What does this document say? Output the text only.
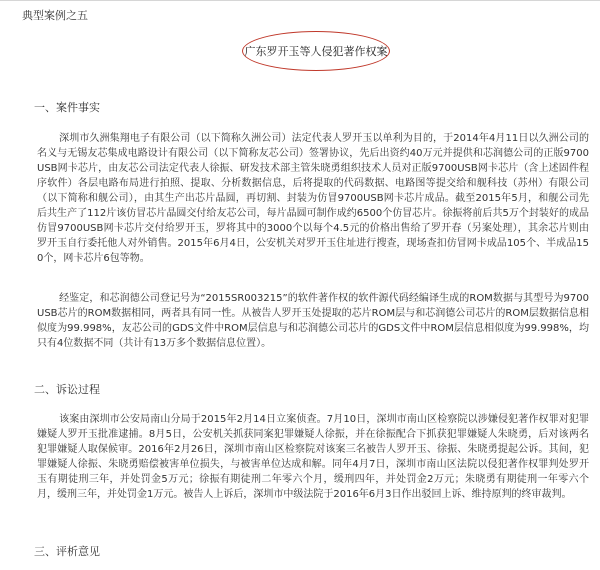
典型案例之五
广东罗开玉等人侵犯著作权案
一、案件事实
深圳市久洲集翔电子有限公司（以下简称久洲公司）法定代表人罗开玉以单利为目的，于2014年4月11日以久洲公司的名义与无锡友芯集成电路设计有限公司（以下简称友芯公司）签署协议，先后出资约40万元并提供和芯润德公司的正版9700USB网卡芯片，由友芯公司法定代表人徐振、研发技术部主管朱晓勇组织技术人员对正版9700USB网卡芯片（含上述固件程序软件）各层电路布局进行拍照、提取、分析数据信息，后将提取的代码数据、电路图等提交给和舰科技（苏州）有限公司（以下简称和舰公司），由其生产出芯片晶圆，再切割、封装为仿冒9700USB网卡芯片成品。截至2015年5月，和舰公司先后共生产了112片该仿冒芯片晶圆交付给友芯公司，每片晶圆可制作成约6500个仿冒芯片。徐振将前后共5万个封装好的成品仿冒9700USB网卡芯片交付给罗开玉，罗将其中的3000个以每个4.5元的价格出售给了罗开春（另案处理），其余芯片则由罗开玉自行委托他人对外销售。2015年6月4日，公安机关对罗开玉住址进行搜查，现场查扣仿冒网卡成品105个、半成品150个，网卡芯片6包等物。
经鉴定，和芯润德公司登记号为“2015SR003215”的软件著作权的软件源代码经编译生成的ROM数据与其型号为9700USB芯片的ROM数据相同，两者具有同一性。从被告人罗开玉处提取的芯片ROM层与和芯润德公司芯片的ROM层数据信息相似度为99.998%，友芯公司的GDS文件中ROM层信息与和芯润德公司芯片的GDS文件中ROM层信息相似度为99.998%，均只有4位数据不同（共计有13万多个数据信息位置）。
二、诉讼过程
该案由深圳市公安局南山分局于2015年2月14日立案侦查。7月10日，深圳市南山区检察院以涉嫌侵犯著作权罪对犯罪嫌疑人罗开玉批准逮捕。8月5日，公安机关抓获同案犯罪嫌疑人徐振，并在徐振配合下抓获犯罪嫌疑人朱晓勇，后对该两名犯罪嫌疑人取保候审。2016年2月26日，深圳市南山区检察院对该案三名被告人罗开玉、徐振、朱晓勇提起公诉。其间，犯罪嫌疑人徐振、朱晓勇赔偿被害单位损失，与被害单位达成和解。同年4月7日，深圳市南山区法院以侵犯著作权罪判处罗开玉有期徒刑三年，并处罚金5万元；徐振有期徒刑二年零六个月，缓刑四年，并处罚金2万元；朱晓勇有期徒刑一年零六个月，缓刑三年，并处罚金1万元。被告人上诉后，深圳市中级法院于2016年6月3日作出驳回上诉、维持原判的终审裁判。
三、评析意见
